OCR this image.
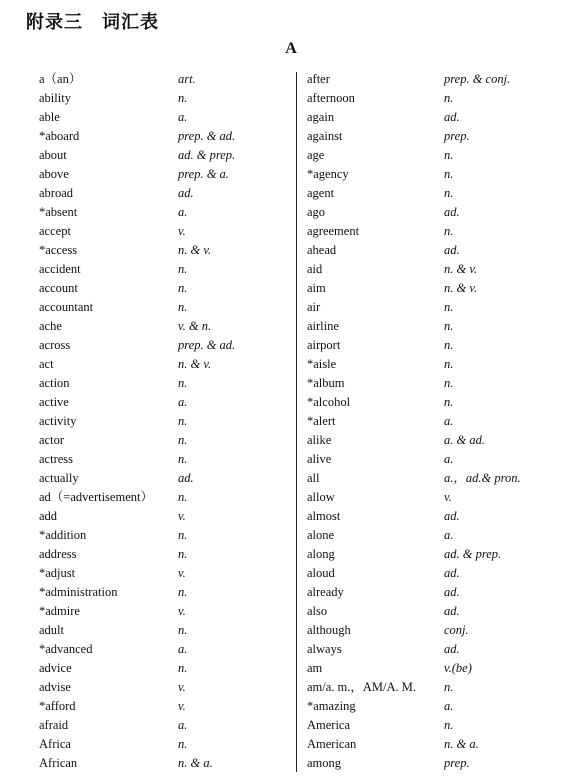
附录三　词汇表
A
a（an）	art.
ability	n.
able	a.
*aboard	prep. & ad.
about	ad. & prep.
above	prep. & a.
abroad	ad.
*absent	a.
accept	v.
*access	n. & v.
accident	n.
account	n.
accountant	n.
ache	v. & n.
across	prep. & ad.
act	n. & v.
action	n.
active	a.
activity	n.
actor	n.
actress	n.
actually	ad.
ad（=advertisement） n.
add	v.
*addition	n.
address	n.
*adjust	v.
*administration	n.
*admire	v.
adult	n.
*advanced	a.
advice	n.
advise	v.
*afford	v.
afraid	a.
Africa	n.
African	n. & a.
after	prep. & conj.
afternoon	n.
again	ad.
against	prep.
age	n.
*agency	n.
agent	n.
ago	ad.
agreement	n.
ahead	ad.
aid	n. & v.
aim	n. & v.
air	n.
airline	n.
airport	n.
*aisle	n.
*album	n.
*alcohol	n.
*alert	a.
alike	a. & ad.
alive	a.
all	a.，ad.& pron.
allow	v.
almost	ad.
alone	a.
along	ad. & prep.
aloud	ad.
already	ad.
also	ad.
although	conj.
always	ad.
am	v.(be)
am/a. m.，AM/A. M. n.
*amazing	a.
America	n.
American	n. & a.
among	prep.
